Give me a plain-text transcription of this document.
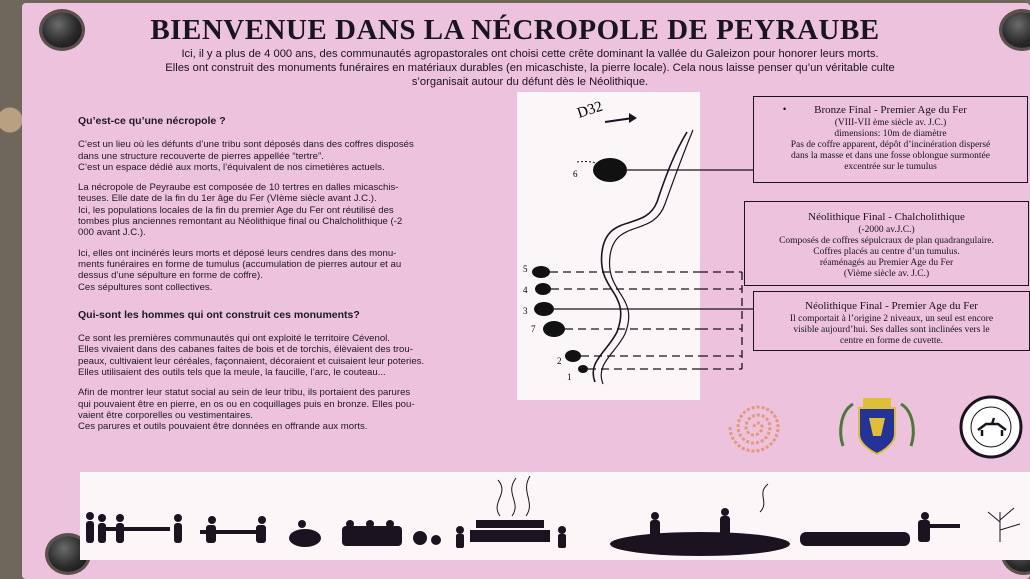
BIENVENUE DANS LA NÉCROPOLE DE PEYRAUBE
Ici, il y a plus de 4 000 ans, des communautés agropastorales ont choisi cette crête dominant la vallée du Galeizon pour honorer leurs morts.
Elles ont construit des monuments funéraires en matériaux durables (en micaschiste, la pierre locale). Cela nous laisse penser qu’un véritable culte
s’organisait autour du défunt dès le Néolithique.
Qu’est-ce qu’une nécropole ?

C’est un lieu où les défunts d’une tribu sont déposés dans des coffres disposés
dans une structure recouverte de pierres appellée “tertre”.
C’est un espace dédié aux morts, l’équivalent de nos cimetières actuels.

La nécropole de Peyraube est composée de 10 tertres en dalles micaschis-
teuses. Elle date de la fin du 1er âge du Fer (VIème siècle avant J.C.).
Ici, les populations locales de la fin du premier Age du Fer ont réutilisé des
tombes plus anciennes remontant au Néolithique final ou Chalcholithique (-2
000 avant J.C.).

Ici, elles ont incinérés leurs morts et déposé leurs cendres dans des monu-
ments funéraires en forme de tumulus (accumulation de pierres autour et au
dessus d’une sépulture en forme de coffre).
Ces sépultures sont collectives.

Qui-sont les hommes qui ont construit ces monuments?

Ce sont les premières communautés qui ont exploité le territoire Cévenol.
Elles vivaient dans des cabanes faites de bois et de torchis, élèvaient des trou-
peaux, cultivaient leur céréales, façonnaient, décoraient et cuisaient leur poteries.
Elles utilisaient des outils tels que la meule, la faucille, l’arc, le couteau...

Afin de montrer leur statut social au sein de leur tribu, ils portaient des parures
qui pouvaient être en pierre, en os ou en coquillages puis en bronze. Elles pou-
vaient être corporelles ou vestimentaires.
Ces parures et outils pouvaient être données en offrande aux morts.

D32
6
5
4
3
7
2
1
Bronze Final - Premier Age du Fer
(VIII-VII ème siècle av. J.C.)
dimensions: 10m de diamètre
Pas de coffre apparent, dépôt d’incinération dispersé
dans la masse et dans une fosse oblongue surmontée
excentrée sur le tumulus
•
Néolithique Final - Chalcholithique
(-2000 av.J.C.)
Composés de coffres sépulcraux de plan quadrangulaire.
Coffres placés au centre d’un tumulus.
réaménagés au Premier Age du Fer
(Vième siècle av. J.C.)
Néolithique Final - Premier Age du Fer
Il comportait à l’origine 2 niveaux, un seul est encore
visible aujourd’hui. Ses dalles sont inclinées vers le
centre en forme de cuvette.
